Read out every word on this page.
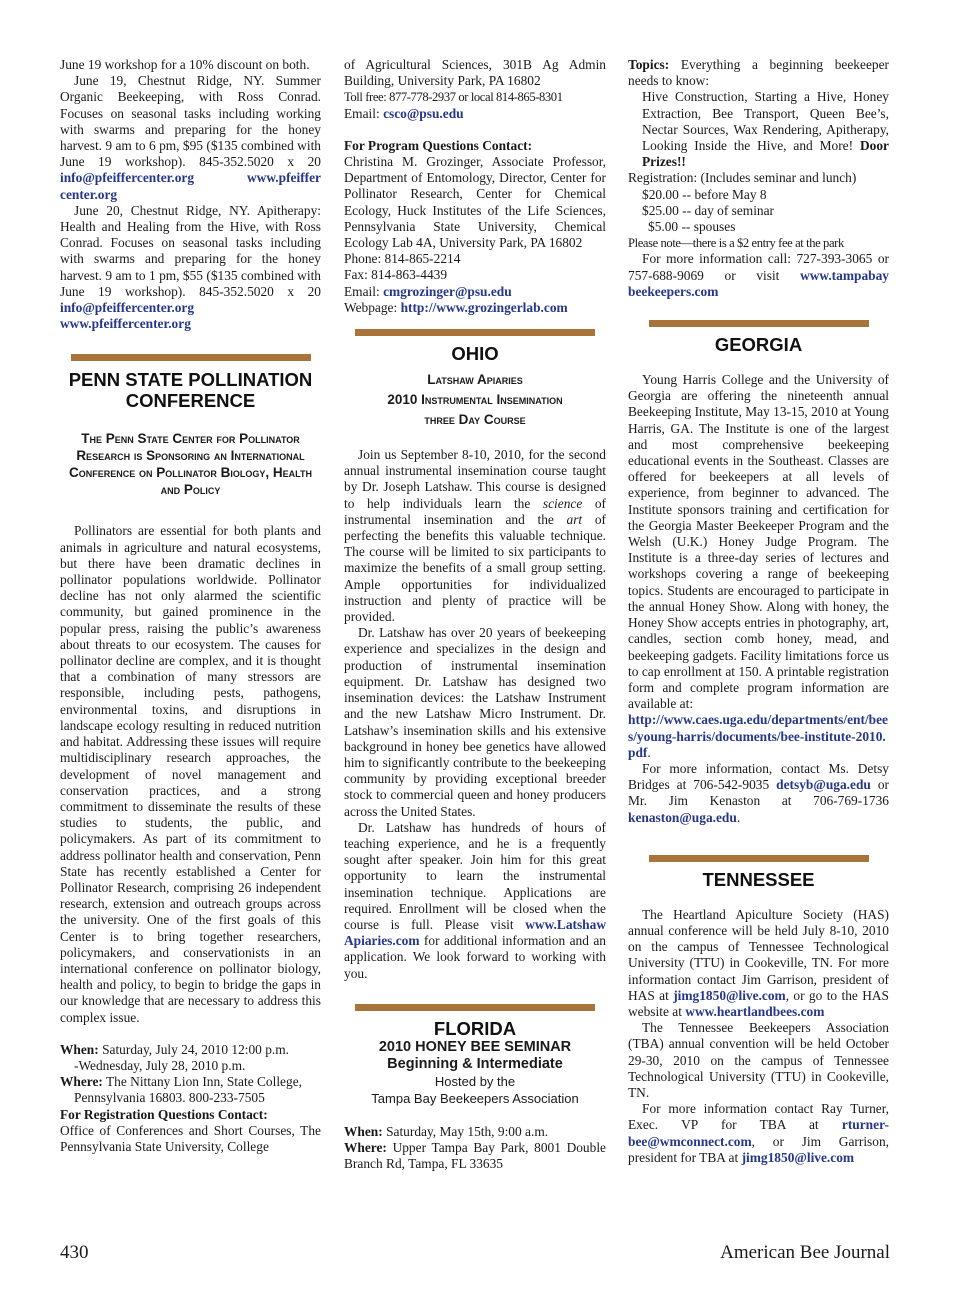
June 19 workshop for a 10% discount on both.

June 19, Chestnut Ridge, NY. Summer Organic Beekeeping, with Ross Conrad. Focuses on seasonal tasks including working with swarms and preparing for the honey harvest. 9 am to 6 pm, $95 ($135 combined with June 19 workshop). 845-352.5020 x 20 info@pfeiffercenter.org	www.pfeiffer center.org

June 20, Chestnut Ridge, NY. Apitherapy: Health and Healing from the Hive, with Ross Conrad. Focuses on seasonal tasks including with swarms and preparing for the honey harvest. 9 am to 1 pm, $55 ($135 combined with June 19 workshop). 845-352.5020 x 20 info@pfeiffercenter.org www.pfeiffercenter.org

PENN STATE POLLINATION
CONFERENCE
The Penn State Center for Pollinator Research is Sponsoring an International Conference on Pollinator Biology, Health and Policy

Pollinators are essential for both plants and animals in agriculture and natural ecosystems, but there have been dramatic declines in pollinator populations worldwide. Pollinator decline has not only alarmed the scientific community, but gained prominence in the popular press, raising the public’s awareness about threats to our ecosystem. The causes for pollinator decline are complex, and it is thought that a combination of many stressors are responsible, including pests, pathogens, environmental toxins, and disruptions in landscape ecology resulting in reduced nutrition and habitat. Addressing these issues will require multidisciplinary research approaches, the development of novel management and conservation practices, and a strong commitment to disseminate the results of these studies to students, the public, and policymakers. As part of its commitment to address pollinator health and conservation, Penn State has recently established a Center for Pollinator Research, comprising 26 independent research, extension and outreach groups across the university. One of the first goals of this Center is to bring together researchers, policymakers, and conservationists in an international conference on pollinator biology, health and policy, to begin to bridge the gaps in our knowledge that are necessary to address this complex issue.

When: Saturday, July 24, 2010 12:00 p.m.
-Wednesday, July 28, 2010 p.m.

Where: The Nittany Lion Inn, State College,
Pennsylvania 16803. 800-233-7505

For Registration Questions Contact:

Office of Conferences and Short Courses, The Pennsylvania State University, College

of Agricultural Sciences, 301B Ag Admin Building, University Park, PA 16802

Toll free: 877-778-2937 or local 814-865-8301

Email: csco@psu.edu

For Program Questions Contact:

Christina M. Grozinger, Associate Professor, Department of Entomology, Director, Center for Pollinator Research, Center for Chemical Ecology, Huck Institutes of the Life Sciences, Pennsylvania State University, Chemical Ecology Lab 4A, University Park, PA 16802

Phone: 814-865-2214

Fax: 814-863-4439

Email: cmgrozinger@psu.edu

Webpage: http://www.grozingerlab.com

OHIO
Latshaw Apiaries
2010 Instrumental Insemination
three Day Course

Join us September 8-10, 2010, for the second annual instrumental insemination course taught by Dr. Joseph Latshaw. This course is designed to help individuals learn the science of instrumental insemination and the art of perfecting the benefits this valuable technique. The course will be limited to six participants to maximize the benefits of a small group setting. Ample opportunities for individualized instruction and plenty of practice will be provided.

Dr. Latshaw has over 20 years of beekeeping experience and specializes in the design and production of instrumental insemination equipment. Dr. Latshaw has designed two insemination devices: the Latshaw Instrument and the new Latshaw Micro Instrument. Dr. Latshaw’s insemination skills and his extensive background in honey bee genetics have allowed him to significantly contribute to the beekeeping community by providing exceptional breeder stock to commercial queen and honey producers across the United States.

Dr. Latshaw has hundreds of hours of teaching experience, and he is a frequently sought after speaker. Join him for this great opportunity to learn the instrumental insemination technique. Applications are required. Enrollment will be closed when the course is full. Please visit www.Latshaw Apiaries.com for additional information and an application. We look forward to working with you.

FLORIDA
2010 HONEY BEE SEMINAR
Beginning & Intermediate
Hosted by the
Tampa Bay Beekeepers Association

When: Saturday, May 15th, 9:00 a.m.

Where: Upper Tampa Bay Park, 8001 Double Branch Rd, Tampa, FL 33635

Topics: Everything a beginning beekeeper needs to know:

Hive Construction, Starting a Hive, Honey Extraction, Bee Transport, Queen Bee’s, Nectar Sources, Wax Rendering, Apitherapy, Looking Inside the Hive, and More! Door Prizes!!

Registration: (Includes seminar and lunch)

$20.00 -- before May 8

$25.00 -- day of seminar

$5.00 -- spouses

Please note—there is a $2 entry fee at the park

For more information call: 727-393-3065 or 757-688-9069 or visit www.tampabay beekeepers.com

GEORGIA

Young Harris College and the University of Georgia are offering the nineteenth annual Beekeeping Institute, May 13-15, 2010 at Young Harris, GA. The Institute is one of the largest and most comprehensive beekeeping educational events in the Southeast. Classes are offered for beekeepers at all levels of experience, from beginner to advanced. The Institute sponsors training and certification for the Georgia Master Beekeeper Program and the Welsh (U.K.) Honey Judge Program. The Institute is a three-day series of lectures and workshops covering a range of beekeeping topics. Students are encouraged to participate in the annual Honey Show. Along with honey, the Honey Show accepts entries in photography, art, candles, section comb honey, mead, and beekeeping gadgets. Facility limitations force us to cap enrollment at 150. A printable registration form and complete program information are available at:

http://www.caes.uga.edu/departments/ent/bees/young-harris/documents/bee-institute-2010.pdf.

For more information, contact Ms. Detsy Bridges at 706-542-9035 detsyb@uga.edu or Mr. Jim Kenaston at 706-769-1736 kenaston@uga.edu.

TENNESSEE

The Heartland Apiculture Society (HAS) annual conference will be held July 8-10, 2010 on the campus of Tennessee Technological University (TTU) in Cookeville, TN. For more information contact Jim Garrison, president of HAS at jimg1850@live.com, or go to the HAS website at www.heartlandbees.com

The Tennessee Beekeepers Association (TBA) annual convention will be held October 29-30, 2010 on the campus of Tennessee Technological University (TTU) in Cookeville, TN.

For more information contact Ray Turner, Exec. VP for TBA at rturner-bee@wmconnect.com, or Jim Garrison, president for TBA at jimg1850@live.com

430	American Bee Journal
